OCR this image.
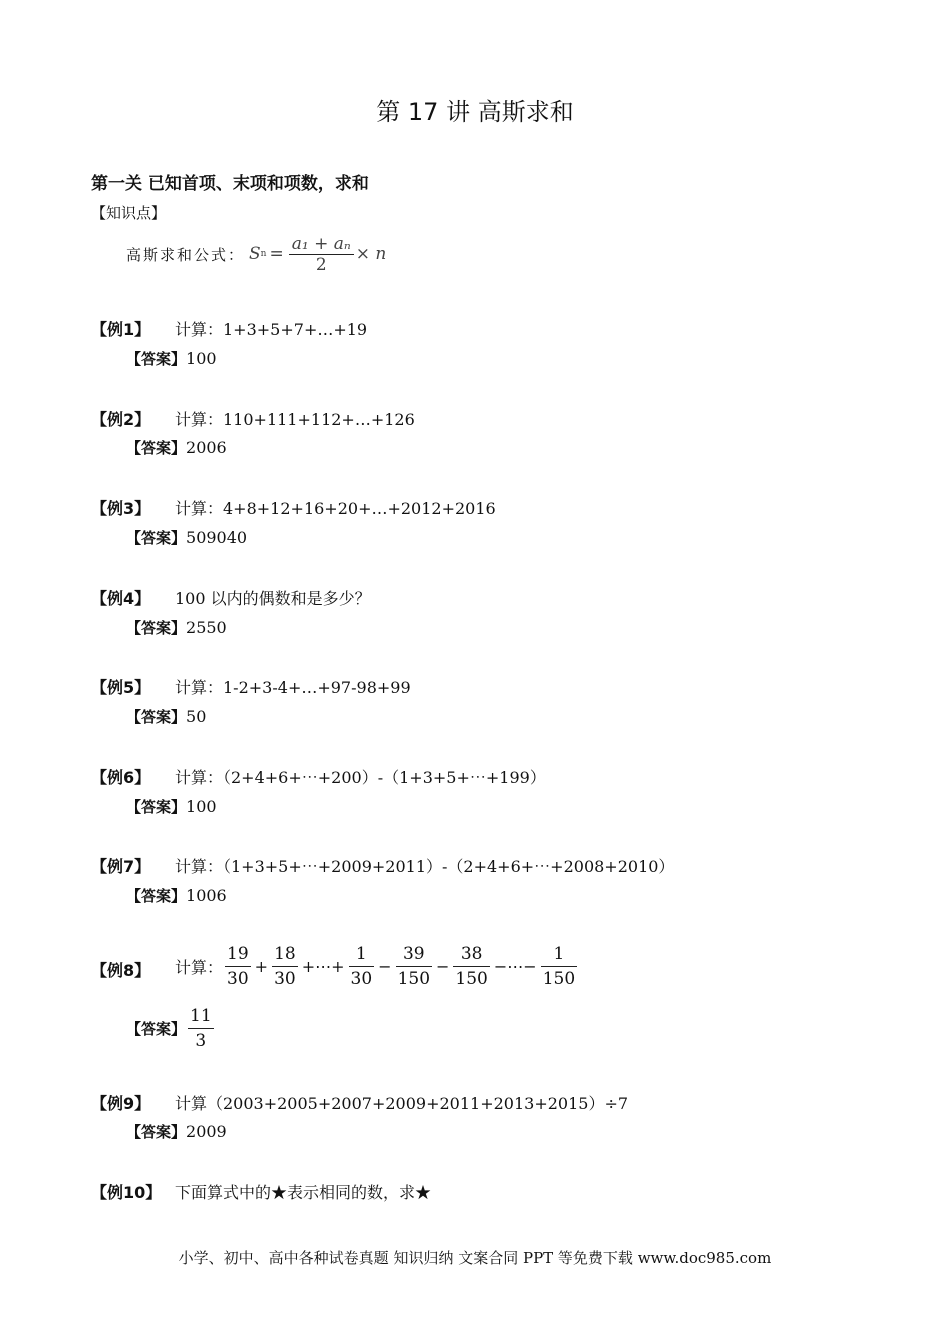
第 17 讲 高斯求和
第一关 已知首项、末项和项数，求和
【知识点】
高斯求和公式： S $n = \frac{\text{a₁ + aₙ}}{2} \times n$
【例1】 计算：1+3+5+7+…+19
【答案】100
【例2】 计算：110+111+112+…+126
【答案】2006
【例3】 计算：4+8+12+16+20+…+2012+2016
【答案】509040
【例4】 100 以内的偶数和是多少？
【答案】2550
【例5】 计算：1-2+3-4+…+97-98+99
【答案】50
【例6】 计算：（2+4+6+⋯+200）-（1+3+5+⋯+199）
【答案】100
【例7】 计算：（1+3+5+⋯+2009+2011）-（2+4+6+⋯+2008+2010）
【答案】1006
【例8】 计算：
19
30
+
18
30
+⋯+
1
30
−
39
150
−
38
150
−⋯−
1
150
【答案】
11
3
【例9】 计算（2003+2005+2007+2009+2011+2013+2015）÷7
【答案】2009
【例10】 下面算式中的★表示相同的数，求★
小学、初中、高中各种试卷真题 知识归纳 文案合同 PPT 等免费下载 www.doc985.com
